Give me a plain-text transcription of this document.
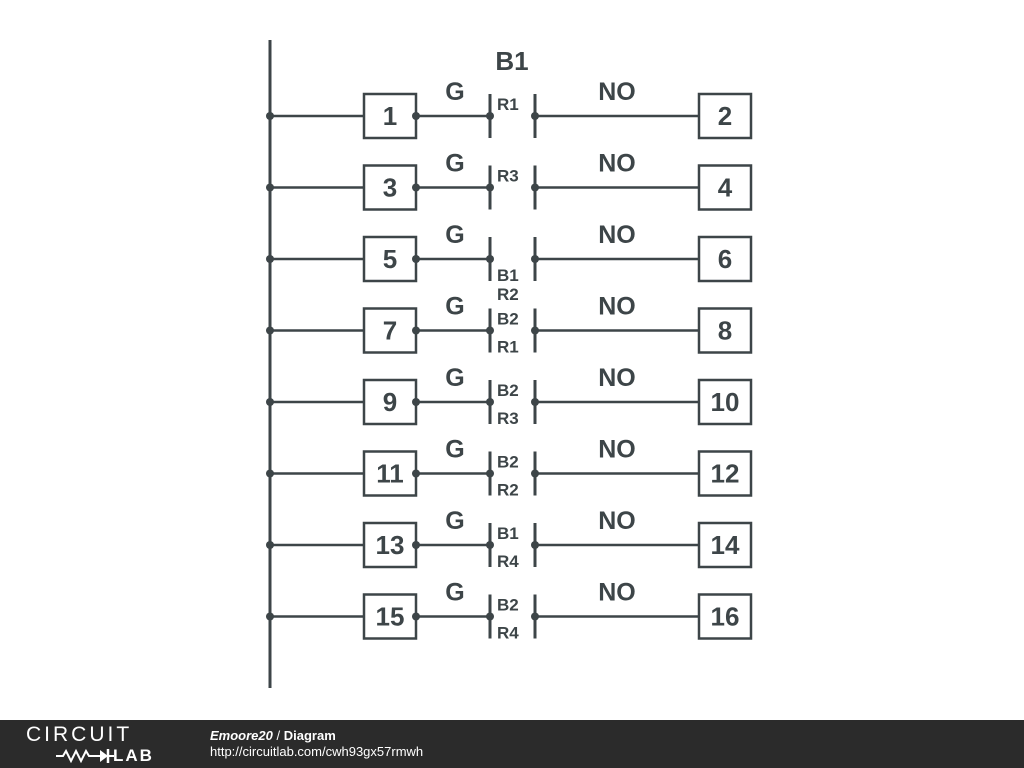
B1
1
G R1	NO
2
3
G R3	NO
4
5
G
B1
R2
NO
6
7
G B2
R1
NO
8
9
G B2
R3
NO
10
11
G B2
R2
NO
12
13
G B1
R4
NO
14
15
G B2
R4
NO
16
CIRCUIT
LAB
Emoore20 / Diagram
http://circuitlab.com/cwh93gx57rmwh
